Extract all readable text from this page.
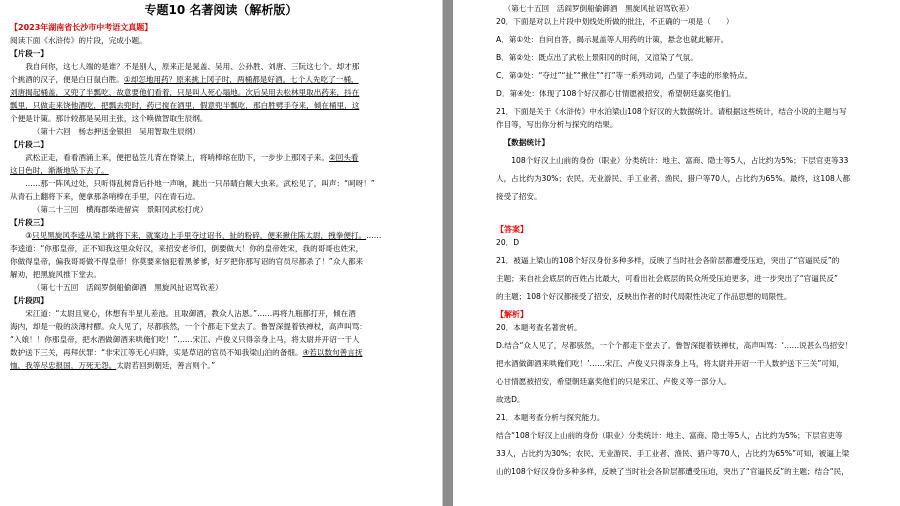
专题10 名著阅读（解析版）
【2023年湖南省长沙市中考语文真题】
阅读下面《水浒传》的片段，完成小题。
【片段一】
我自问你，这七人端的是谁？不是别人，原来正是晁盖、吴用、公孙胜、刘唐、三阮这七个。却才那
个挑酒的汉子，便是白日鼠白胜。①却怎地用药？原来挑上冈子时，两桶都是好酒。七个人先吃了一桶，
刘唐揭起桶盖，又兜了半瓢吃，故意要他们看着，只是叫人死心塌地。次后吴用去松林里取出药来，抖在
瓢里，只做走来饶他酒吃，把瓢去兜时，药已搅在酒里，假意兜半瓢吃，那白胜劈手夺来，倾在桶里，这
个便是计策。那计较都是吴用主张，这个唤做智取生辰纲。
（第十六回　杨志押送金银担　吴用智取生辰纲）
【片段二】
武松正走，看看酒涌上来，便把毡笠儿背在脊梁上，将哨棒绾在肋下，一步步上那冈子来。②回头看
这日色时，渐渐地坠下去了。
……那一阵风过处，只听得乱树背后扑地一声响，跳出一只吊睛白额大虫来。武松见了，叫声：“呵呀！”
从青石上翻将下来，便拿那条哨棒在手里，闪在青石边。
（第二十三回　横海郡柴进留宾　景阳冈武松打虎）
【片段三】
③只见黑旋风李逵从梁上跳将下来，就案边上手里夺过诏书，扯的粉碎，便来揪住陈太尉，拽拳便打。……
李逵道：“你那皇帝，正不知我这里众好汉，来招安老爷们，倒要做大！你的皇帝姓宋，我的哥哥也姓宋，
你做得皇帝，偏我哥哥做不得皇帝！你莫要来恼犯着黑爹爹，好歹把你那写诏的官员尽都杀了！”众人都来
解劝，把黑旋风推下堂去。
（第七十五回　活阎罗倒船偷御酒　黑旋风扯诏骂钦差）
【片段四】
宋江道：“太尉且宽心，休想有半星儿差池。且取御酒，教众人沾恩。”……再将九瓶都打开，倾在酒
海内，却是一般的淡薄村醪。众人见了，尽都骇然，一个个都走下堂去了。鲁智深提着铁禅杖，高声叫骂：
“入娘！！你那皇帝，把水酒做御酒来哄俺们吃！”……宋江、卢俊义只得亲身上马，将太尉并开诏一干人
数护送下三关，再拜伏罪：“非宋江等无心归降，实是草诏的官员不知我梁山泊的备细。④若以数句善言抚
恤，我等尽忠报国，万死无怨。太尉若回到朝廷，善言则个。”
（第七十五回　活阎罗倒船偷御酒　黑旋风扯诏骂钦差）
20．下面是对以上片段中划线处所做的批注，不正确的一项是（　　）
A．第①处：自问自答，揭示晁盖等人用药的计策，悬念也就此解开。
B．第②处：既点出了武松上景阳冈的时间，又渲染了气氛。
C．第③处：“夺过”“扯”“揪住”“打”等一系列动词，凸显了李逵的形象特点。
D．第④处：体现了108个好汉都心甘情愿被招安，希望朝廷嘉奖他们。
21．下面是关于《水浒传》中水泊梁山108个好汉的大数据统计。请根据这些统计，结合小说的主题与写
作目等，写出你分析与探究的结果。
【数据统计】
108个好汉上山前的身份（职业）分类统计：地主、富商、隐士等5人，占比约为5%；下层官吏等33
人，占比约为30%；农民、无业游民、手工业者、渔民、猎户等70人，占比约为65%。最终，这108人都
接受了招安。
【答案】
20．D
21．被逼上梁山的108个好汉身份多种多样，反映了当时社会各阶层都遭受压迫，突出了“官逼民反”的
主题；来自社会底层的百姓占比最大，可看出社会底层的民众所受压迫更多，进一步突出了“官逼民反”
的主题；108个好汉都接受了招安，反映出作者的时代局限性决定了作品思想的局限性。
【解析】
20．本题考查名著赏析。
D.结合“众人见了，尽都骇然，一个个都走下堂去了。鲁智深提着铁禅杖，高声叫骂：‘……说甚么鸟招安！
把水酒做御酒来哄俺们吃！’……宋江、卢俊义只得亲身上马，将太尉并开诏一干人数护送下三关”可知，
心甘情愿被招安，希望朝廷嘉奖他们的只是宋江、卢俊义等一部分人。
故选D。
21．本题考查分析与探究能力。
结合“108个好汉上山前的身份（职业）分类统计：地主、富商、隐士等5人，占比约为5%；下层官吏等
33人，占比约为30%；农民、无业游民、手工业者、渔民、猎户等70人，占比约为65%”可知，被逼上梁
山的108个好汉身份多种多样，反映了当时社会各阶层都遭受压迫，突出了“官逼民反”的主题；结合“民，
